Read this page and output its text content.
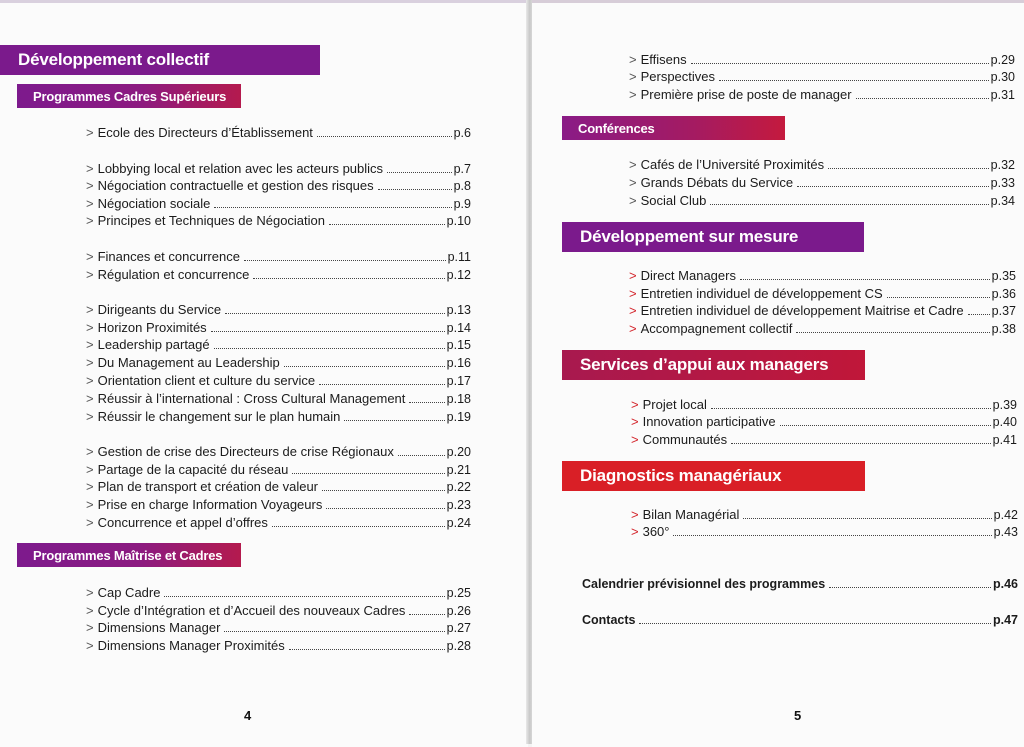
Développement collectif
Programmes Cadres Supérieurs
> Ecole des Directeurs d’Établissement	p.6
> Lobbying local et relation avec les acteurs publics	p.7
> Négociation contractuelle et gestion des risques	p.8
> Négociation sociale	p.9
> Principes et Techniques de Négociation	p.10
> Finances et concurrence	p.11
> Régulation et concurrence	p.12
> Dirigeants du Service	p.13
> Horizon Proximités	p.14
> Leadership partagé	p.15
> Du Management au Leadership	p.16
> Orientation client et culture du service	p.17
> Réussir à l’international : Cross Cultural Management	p.18
> Réussir le changement sur le plan humain	p.19
> Gestion de crise des Directeurs de crise Régionaux	p.20
> Partage de la capacité du réseau	p.21
> Plan de transport et création de valeur	p.22
> Prise en charge Information Voyageurs	p.23
> Concurrence et appel d’offres	p.24
Programmes Maîtrise et Cadres
> Cap Cadre	p.25
> Cycle d’Intégration et d’Accueil des nouveaux Cadres	p.26
> Dimensions Manager	p.27
> Dimensions Manager Proximités	p.28
4
> Effisens	p.29
> Perspectives	p.30
> Première prise de poste de manager	p.31
Conférences
> Cafés de l’Université Proximités	p.32
> Grands Débats du Service	p.33
> Social Club	p.34
Développement sur mesure
> Direct Managers	p.35
> Entretien individuel de développement CS	p.36
> Entretien individuel de développement Maitrise et Cadre p.37
> Accompagnement collectif	p.38
Services d’appui aux managers
> Projet local	p.39
> Innovation participative	p.40
> Communautés	p.41
Diagnostics managériaux
> Bilan Managérial	p.42
> 360°	p.43
Calendrier prévisionnel des programmes	p.46
Contacts	p.47
5
